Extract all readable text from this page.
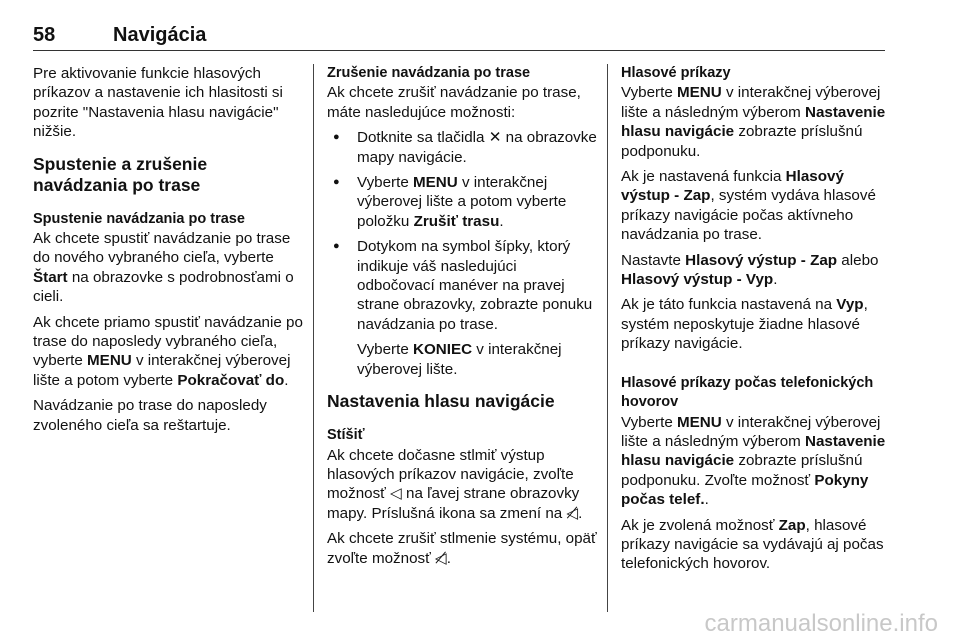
58	Navigácia

Pre aktivovanie funkcie hlasových príkazov a nastavenie ich hlasitosti si pozrite "Nastavenia hlasu navigácie" nižšie.

Spustenie a zrušenie navádzania po trase
Spustenie navádzania po trase

Ak chcete spustiť navádzanie po trase do nového vybraného cieľa, vyberte Štart na obrazovke s podrobnosťami o cieli.

Ak chcete priamo spustiť navádzanie po trase do naposledy vybraného cieľa, vyberte MENU v interakčnej výberovej lište a potom vyberte Pokračovať do.

Navádzanie po trase do naposledy zvoleného cieľa sa reštartuje.

Zrušenie navádzania po trase

Ak chcete zrušiť navádzanie po trase, máte nasledujúce možnosti:

● Dotknite sa tlačidla ✕ na obrazovke mapy navigácie.
● Vyberte MENU v interakčnej výberovej lište a potom vyberte položku Zrušiť trasu.
● Dotykom na symbol šípky, ktorý indikuje váš nasledujúci odbočovací manéver na pravej strane obrazovky, zobrazte ponuku navádzania po trase.

Vyberte KONIEC v interakčnej výberovej lište.

Nastavenia hlasu navigácie
Stíšiť

Ak chcete dočasne stlmiť výstup hlasových príkazov navigácie, zvoľte možnosť ◁ na ľavej strane obrazovky mapy. Príslušná ikona sa zmení na ◁̸.

Ak chcete zrušiť stlmenie systému, opäť zvoľte možnosť ◁̸.

Hlasové príkazy

Vyberte MENU v interakčnej výberovej lište a následným výberom Nastavenie hlasu navigácie zobrazte príslušnú podponuku.

Ak je nastavená funkcia Hlasový výstup - Zap, systém vydáva hlasové príkazy navigácie počas aktívneho navádzania po trase.

Nastavte Hlasový výstup - Zap alebo Hlasový výstup - Vyp.

Ak je táto funkcia nastavená na Vyp, systém neposkytuje žiadne hlasové príkazy navigácie.

Hlasové príkazy počas telefonických hovorov

Vyberte MENU v interakčnej výberovej lište a následným výberom Nastavenie hlasu navigácie zobrazte príslušnú podponuku. Zvoľte možnosť Pokyny počas telef..

Ak je zvolená možnosť Zap, hlasové príkazy navigácie sa vydávajú aj počas telefonických hovorov.

carmanualsonline.info
